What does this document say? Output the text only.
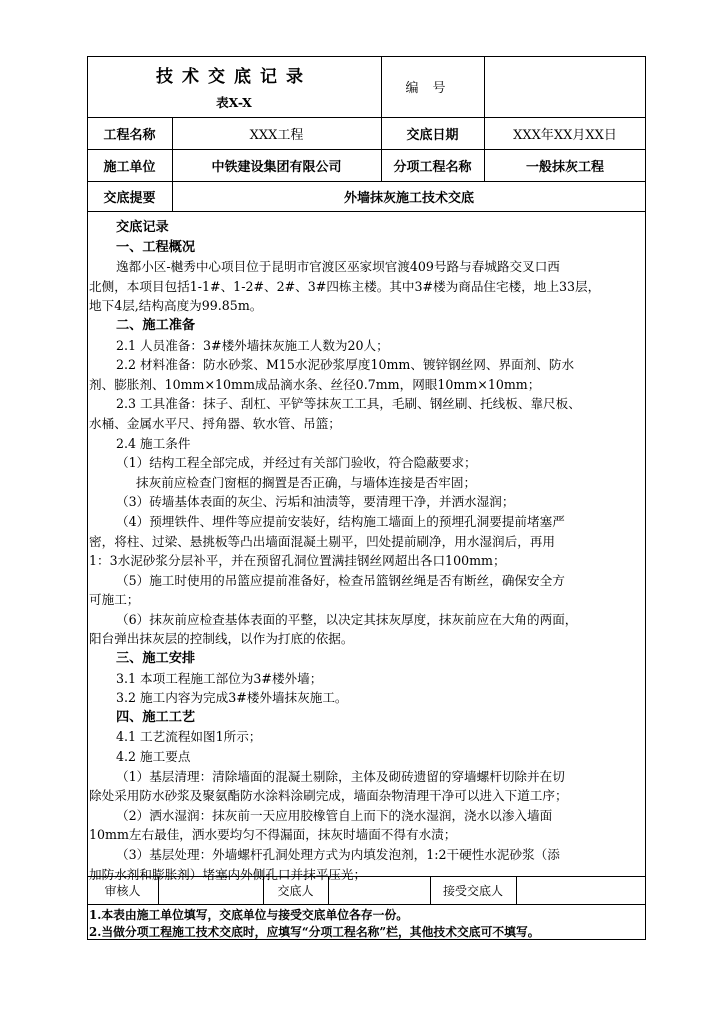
技术交底记录
表X-X
编号
工程名称	XXX工程	交底日期	XXX年XX月XX日
施工单位	中铁建设集团有限公司	分项工程名称	一般抹灰工程
交底提要	外墙抹灰施工技术交底

交底记录

一、工程概况

逸都小区-樾秀中心项目位于昆明市官渡区巫家坝官渡409号路与春城路交叉口西

北侧，本项目包括1-1#、1-2#、2#、3#四栋主楼。其中3#楼为商品住宅楼，地上33层，

地下4层,结构高度为99.85m。

二、施工准备

2.1 人员准备：3#楼外墙抹灰施工人数为20人；

2.2 材料准备：防水砂浆、M15水泥砂浆厚度10mm、镀锌钢丝网、界面剂、防水

剂、膨胀剂、10mm×10mm成品滴水条、丝径0.7mm，网眼10mm×10mm；

2.3 工具准备：抹子、刮杠、平铲等抹灰工工具，毛刷、钢丝刷、托线板、靠尺板、

水桶、金属水平尺、捋角器、软水管、吊篮；

2.4 施工条件

（1）结构工程全部完成，并经过有关部门验收，符合隐蔽要求；

抹灰前应检查门窗框的搁置是否正确，与墙体连接是否牢固；

（3）砖墙基体表面的灰尘、污垢和油渍等，要清理干净，并洒水湿润；

（4）预埋铁件、埋件等应提前安装好，结构施工墙面上的预埋孔洞要提前堵塞严

密，将柱、过梁、悬挑板等凸出墙面混凝土剔平，凹处提前刷净，用水湿润后，再用

1：3水泥砂浆分层补平，并在预留孔洞位置满挂钢丝网超出各口100mm；

（5）施工时使用的吊篮应提前准备好，检查吊篮钢丝绳是否有断丝，确保安全方

可施工；

（6）抹灰前应检查基体表面的平整，以决定其抹灰厚度，抹灰前应在大角的两面，

阳台弹出抹灰层的控制线，以作为打底的依据。

三、施工安排

3.1 本项工程施工部位为3#楼外墙；

3.2 施工内容为完成3#楼外墙抹灰施工。

四、施工工艺

4.1 工艺流程如图1所示；

4.2 施工要点

（1）基层清理：清除墙面的混凝土剔除，主体及砌砖遗留的穿墙螺杆切除并在切

除处采用防水砂浆及聚氨酯防水涂料涂刷完成，墙面杂物清理干净可以进入下道工序；

（2）洒水湿润：抹灰前一天应用胶橡管自上而下的浇水湿润，浇水以渗入墙面

10mm左右最佳，洒水要均匀不得漏面，抹灰时墙面不得有水渍；

（3）基层处理：外墙螺杆孔洞处理方式为内填发泡剂，1:2干硬性水泥砂浆（添

加防水剂和膨胀剂）堵塞内外侧孔口并抹平压光；

审核人	交底人	接受交底人

1.本表由施工单位填写，交底单位与接受交底单位各存一份。

2.当做分项工程施工技术交底时，应填写“分项工程名称”栏，其他技术交底可不填写。
